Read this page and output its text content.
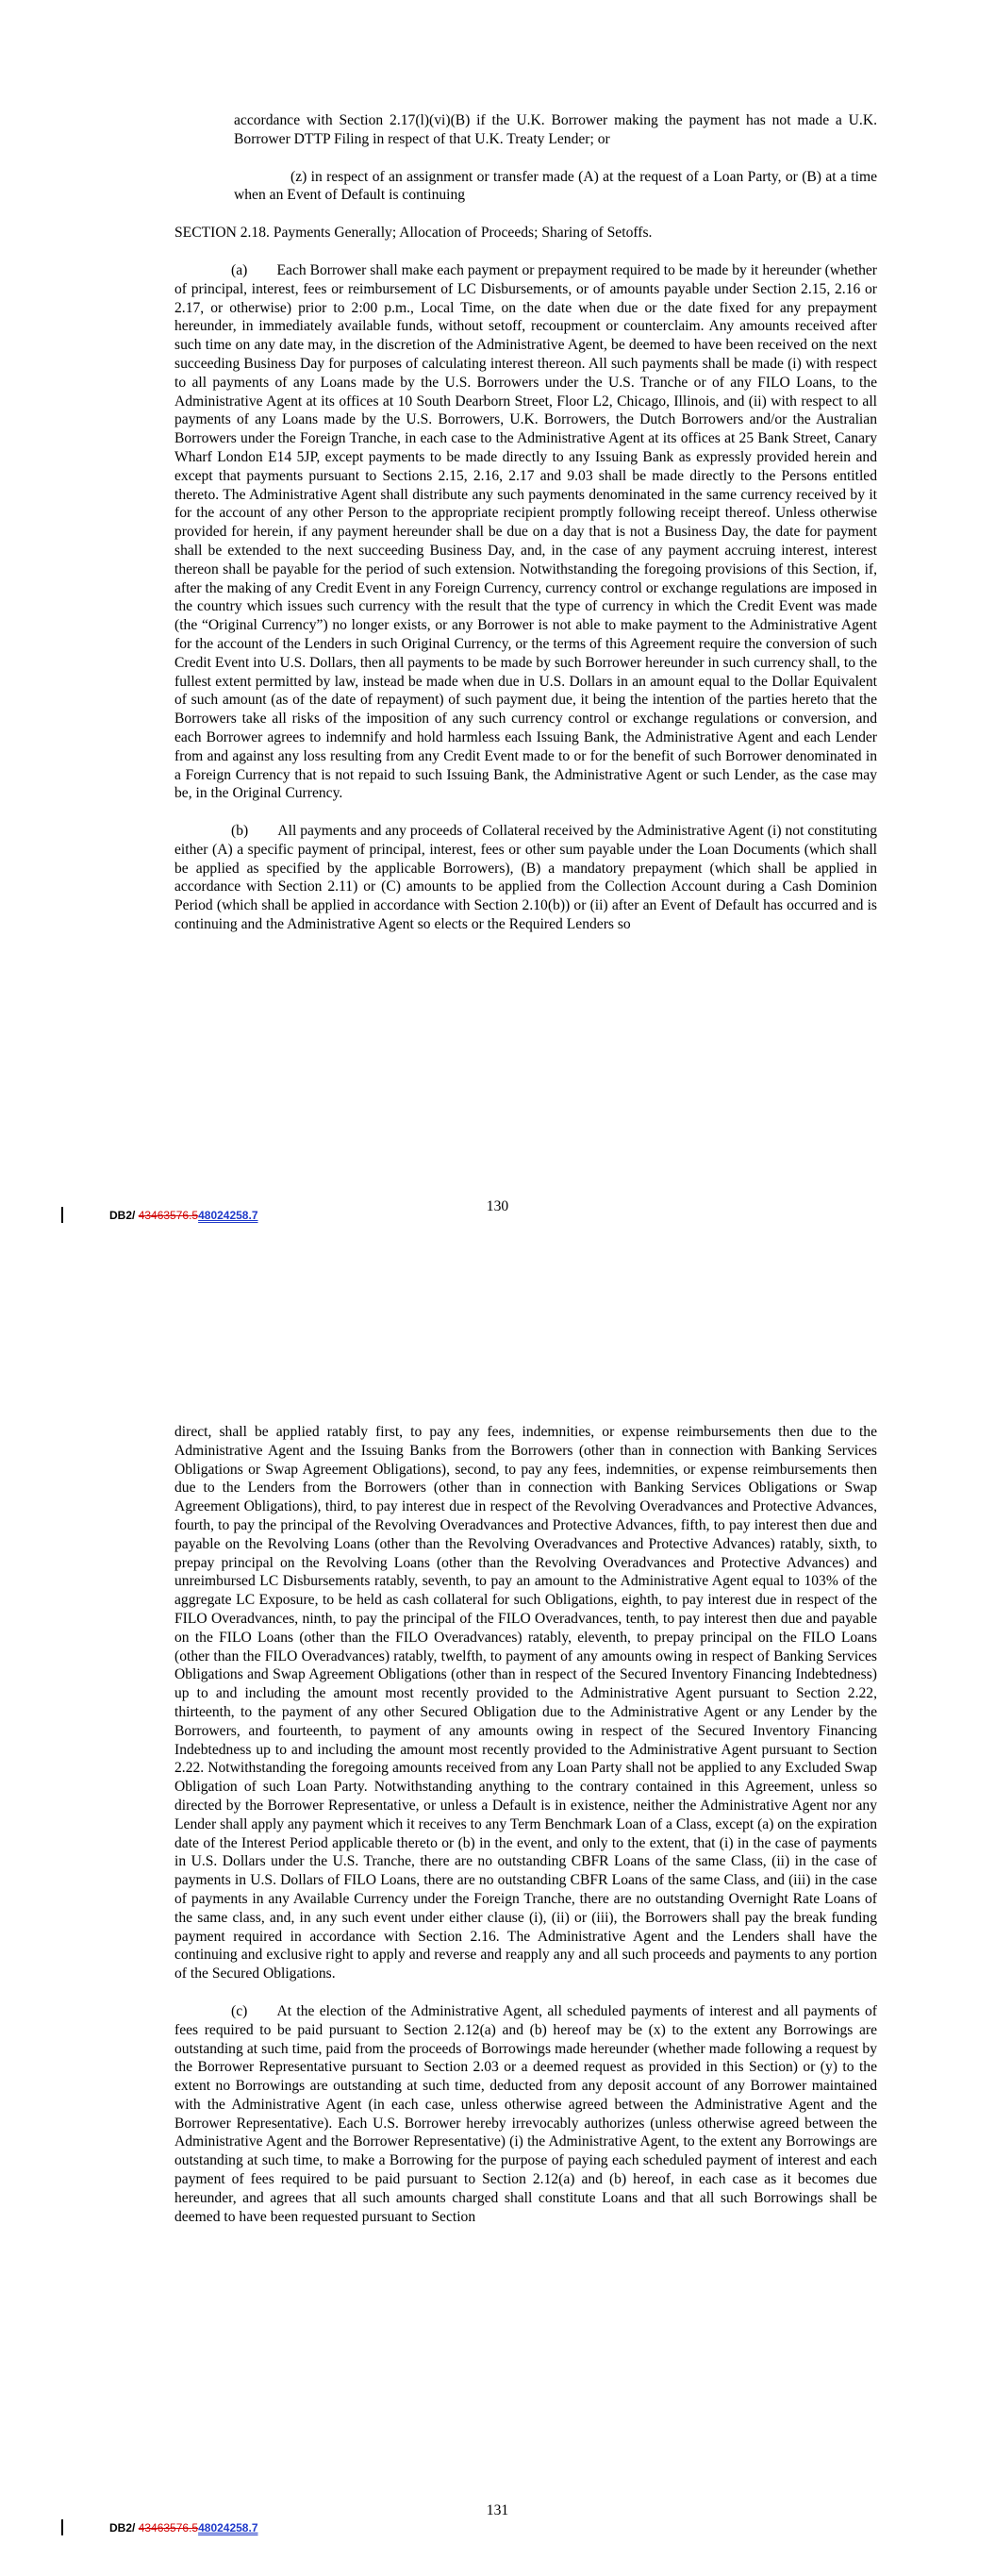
accordance with Section 2.17(l)(vi)(B) if the U.K. Borrower making the payment has not made a U.K. Borrower DTTP Filing in respect of that U.K. Treaty Lender; or

(z) in respect of an assignment or transfer made (A) at the request of a Loan Party, or (B) at a time when an Event of Default is continuing

SECTION 2.18. Payments Generally; Allocation of Proceeds; Sharing of Setoffs.

(a)  Each Borrower shall make each payment or prepayment required to be made by it hereunder (whether of principal, interest, fees or reimbursement of LC Disbursements, or of amounts payable under Section 2.15, 2.16 or 2.17, or otherwise) prior to 2:00 p.m., Local Time, on the date when due or the date fixed for any prepayment hereunder, in immediately available funds, without setoff, recoupment or counterclaim. Any amounts received after such time on any date may, in the discretion of the Administrative Agent, be deemed to have been received on the next succeeding Business Day for purposes of calculating interest thereon. All such payments shall be made (i) with respect to all payments of any Loans made by the U.S. Borrowers under the U.S. Tranche or of any FILO Loans, to the Administrative Agent at its offices at 10 South Dearborn Street, Floor L2, Chicago, Illinois, and (ii) with respect to all payments of any Loans made by the U.S. Borrowers, U.K. Borrowers, the Dutch Borrowers and/or the Australian Borrowers under the Foreign Tranche, in each case to the Administrative Agent at its offices at 25 Bank Street, Canary Wharf London E14 5JP, except payments to be made directly to any Issuing Bank as expressly provided herein and except that payments pursuant to Sections 2.15, 2.16, 2.17 and 9.03 shall be made directly to the Persons entitled thereto. The Administrative Agent shall distribute any such payments denominated in the same currency received by it for the account of any other Person to the appropriate recipient promptly following receipt thereof. Unless otherwise provided for herein, if any payment hereunder shall be due on a day that is not a Business Day, the date for payment shall be extended to the next succeeding Business Day, and, in the case of any payment accruing interest, interest thereon shall be payable for the period of such extension. Notwithstanding the foregoing provisions of this Section, if, after the making of any Credit Event in any Foreign Currency, currency control or exchange regulations are imposed in the country which issues such currency with the result that the type of currency in which the Credit Event was made (the “Original Currency”) no longer exists, or any Borrower is not able to make payment to the Administrative Agent for the account of the Lenders in such Original Currency, or the terms of this Agreement require the conversion of such Credit Event into U.S. Dollars, then all payments to be made by such Borrower hereunder in such currency shall, to the fullest extent permitted by law, instead be made when due in U.S. Dollars in an amount equal to the Dollar Equivalent of such amount (as of the date of repayment) of such payment due, it being the intention of the parties hereto that the Borrowers take all risks of the imposition of any such currency control or exchange regulations or conversion, and each Borrower agrees to indemnify and hold harmless each Issuing Bank, the Administrative Agent and each Lender from and against any loss resulting from any Credit Event made to or for the benefit of such Borrower denominated in a Foreign Currency that is not repaid to such Issuing Bank, the Administrative Agent or such Lender, as the case may be, in the Original Currency.

(b)  All payments and any proceeds of Collateral received by the Administrative Agent (i) not constituting either (A) a specific payment of principal, interest, fees or other sum payable under the Loan Documents (which shall be applied as specified by the applicable Borrowers), (B) a mandatory prepayment (which shall be applied in accordance with Section 2.11) or (C) amounts to be applied from the Collection Account during a Cash Dominion Period (which shall be applied in accordance with Section 2.10(b)) or (ii) after an Event of Default has occurred and is continuing and the Administrative Agent so elects or the Required Lenders so

130
DB2/ 43463576.548024258.7

direct, shall be applied ratably first, to pay any fees, indemnities, or expense reimbursements then due to the Administrative Agent and the Issuing Banks from the Borrowers (other than in connection with Banking Services Obligations or Swap Agreement Obligations), second, to pay any fees, indemnities, or expense reimbursements then due to the Lenders from the Borrowers (other than in connection with Banking Services Obligations or Swap Agreement Obligations), third, to pay interest due in respect of the Revolving Overadvances and Protective Advances, fourth, to pay the principal of the Revolving Overadvances and Protective Advances, fifth, to pay interest then due and payable on the Revolving Loans (other than the Revolving Overadvances and Protective Advances) ratably, sixth, to prepay principal on the Revolving Loans (other than the Revolving Overadvances and Protective Advances) and unreimbursed LC Disbursements ratably, seventh, to pay an amount to the Administrative Agent equal to 103% of the aggregate LC Exposure, to be held as cash collateral for such Obligations, eighth, to pay interest due in respect of the FILO Overadvances, ninth, to pay the principal of the FILO Overadvances, tenth, to pay interest then due and payable on the FILO Loans (other than the FILO Overadvances) ratably, eleventh, to prepay principal on the FILO Loans (other than the FILO Overadvances) ratably, twelfth, to payment of any amounts owing in respect of Banking Services Obligations and Swap Agreement Obligations (other than in respect of the Secured Inventory Financing Indebtedness) up to and including the amount most recently provided to the Administrative Agent pursuant to Section 2.22, thirteenth, to the payment of any other Secured Obligation due to the Administrative Agent or any Lender by the Borrowers, and fourteenth, to payment of any amounts owing in respect of the Secured Inventory Financing Indebtedness up to and including the amount most recently provided to the Administrative Agent pursuant to Section 2.22. Notwithstanding the foregoing amounts received from any Loan Party shall not be applied to any Excluded Swap Obligation of such Loan Party. Notwithstanding anything to the contrary contained in this Agreement, unless so directed by the Borrower Representative, or unless a Default is in existence, neither the Administrative Agent nor any Lender shall apply any payment which it receives to any Term Benchmark Loan of a Class, except (a) on the expiration date of the Interest Period applicable thereto or (b) in the event, and only to the extent, that (i) in the case of payments in U.S. Dollars under the U.S. Tranche, there are no outstanding CBFR Loans of the same Class, (ii) in the case of payments in U.S. Dollars of FILO Loans, there are no outstanding CBFR Loans of the same Class, and (iii) in the case of payments in any Available Currency under the Foreign Tranche, there are no outstanding Overnight Rate Loans of the same class, and, in any such event under either clause (i), (ii) or (iii), the Borrowers shall pay the break funding payment required in accordance with Section 2.16. The Administrative Agent and the Lenders shall have the continuing and exclusive right to apply and reverse and reapply any and all such proceeds and payments to any portion of the Secured Obligations.

(c)  At the election of the Administrative Agent, all scheduled payments of interest and all payments of fees required to be paid pursuant to Section 2.12(a) and (b) hereof may be (x) to the extent any Borrowings are outstanding at such time, paid from the proceeds of Borrowings made hereunder (whether made following a request by the Borrower Representative pursuant to Section 2.03 or a deemed request as provided in this Section) or (y) to the extent no Borrowings are outstanding at such time, deducted from any deposit account of any Borrower maintained with the Administrative Agent (in each case, unless otherwise agreed between the Administrative Agent and the Borrower Representative). Each U.S. Borrower hereby irrevocably authorizes (unless otherwise agreed between the Administrative Agent and the Borrower Representative) (i) the Administrative Agent, to the extent any Borrowings are outstanding at such time, to make a Borrowing for the purpose of paying each scheduled payment of interest and each payment of fees required to be paid pursuant to Section 2.12(a) and (b) hereof, in each case as it becomes due hereunder, and agrees that all such amounts charged shall constitute Loans and that all such Borrowings shall be deemed to have been requested pursuant to Section

131
DB2/ 43463576.548024258.7
